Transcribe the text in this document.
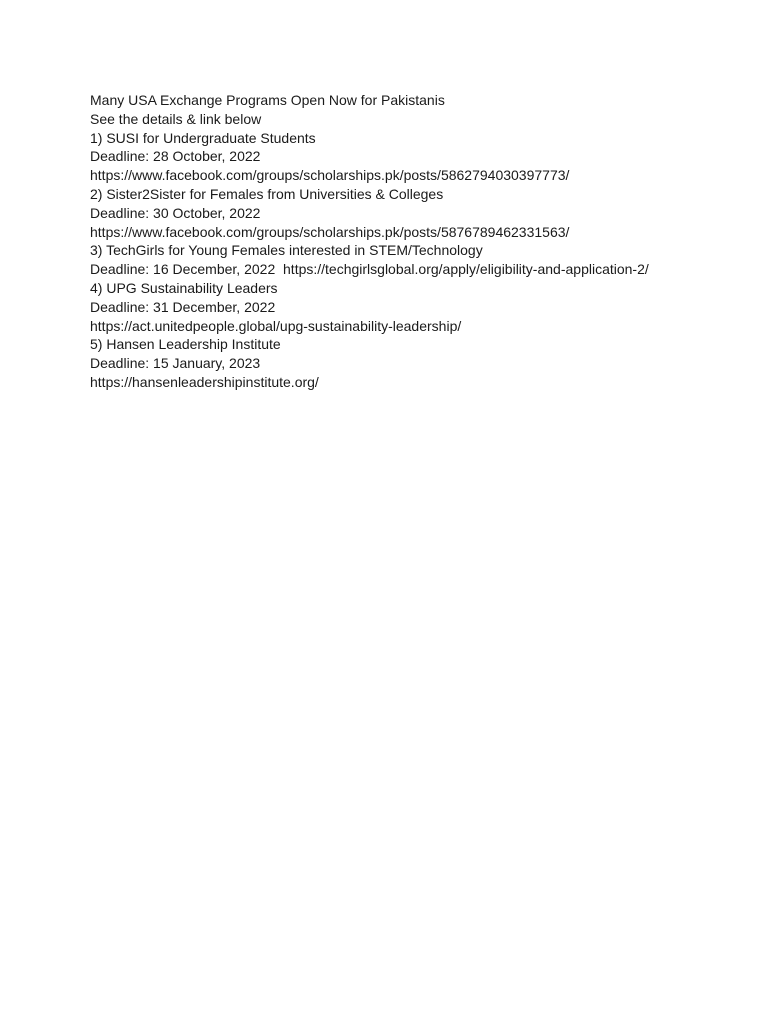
Many USA Exchange Programs Open Now for Pakistanis

See the details & link below

1) SUSI for Undergraduate Students

Deadline: 28 October, 2022

https://www.facebook.com/groups/scholarships.pk/posts/5862794030397773/

2) Sister2Sister for Females from Universities & Colleges

Deadline: 30 October, 2022

https://www.facebook.com/groups/scholarships.pk/posts/5876789462331563/

3) TechGirls for Young Females interested in STEM/Technology

Deadline: 16 December, 2022  https://techgirlsglobal.org/apply/eligibility-and-application-2/

4) UPG Sustainability Leaders

Deadline: 31 December, 2022

https://act.unitedpeople.global/upg-sustainability-leadership/

5) Hansen Leadership Institute

Deadline: 15 January, 2023

https://hansenleadershipinstitute.org/
